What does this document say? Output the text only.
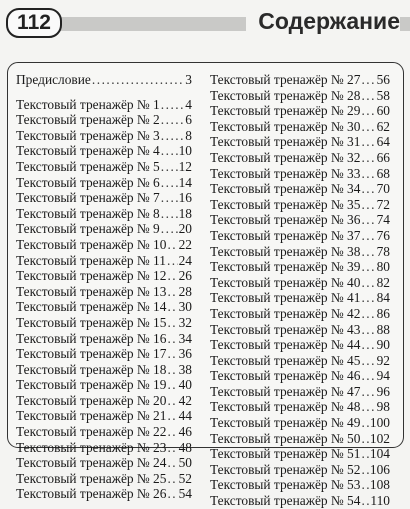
112	Содержание
Предисловие .....	3
Текстовый тренажёр № 1 ..... 4
Текстовый тренажёр № 2 ..... 6
Текстовый тренажёр № 3 ..... 8
Текстовый тренажёр № 4 ..... 10
Текстовый тренажёр № 5 ..... 12
Текстовый тренажёр № 6 ..... 14
Текстовый тренажёр № 7 ..... 16
Текстовый тренажёр № 8 ..... 18
Текстовый тренажёр № 9 ..... 20
Текстовый тренажёр № 10 ..... 22
Текстовый тренажёр № 11 ..... 24
Текстовый тренажёр № 12 ..... 26
Текстовый тренажёр № 13 ..... 28
Текстовый тренажёр № 14 ..... 30
Текстовый тренажёр № 15 ..... 32
Текстовый тренажёр № 16 ..... 34
Текстовый тренажёр № 17 ..... 36
Текстовый тренажёр № 18 ..... 38
Текстовый тренажёр № 19 ..... 40
Текстовый тренажёр № 20 ..... 42
Текстовый тренажёр № 21 ..... 44
Текстовый тренажёр № 22 ..... 46
Текстовый тренажёр № 23 ..... 48
Текстовый тренажёр № 24 ..... 50
Текстовый тренажёр № 25 ..... 52
Текстовый тренажёр № 26 ..... 54
Текстовый тренажёр № 27 ..... 56
Текстовый тренажёр № 28 ..... 58
Текстовый тренажёр № 29 ..... 60
Текстовый тренажёр № 30 ..... 62
Текстовый тренажёр № 31 ..... 64
Текстовый тренажёр № 32 ..... 66
Текстовый тренажёр № 33 ..... 68
Текстовый тренажёр № 34 ..... 70
Текстовый тренажёр № 35 ..... 72
Текстовый тренажёр № 36 ..... 74
Текстовый тренажёр № 37 ..... 76
Текстовый тренажёр № 38 ..... 78
Текстовый тренажёр № 39 ..... 80
Текстовый тренажёр № 40 ..... 82
Текстовый тренажёр № 41 ..... 84
Текстовый тренажёр № 42 ..... 86
Текстовый тренажёр № 43 ..... 88
Текстовый тренажёр № 44 ..... 90
Текстовый тренажёр № 45 ..... 92
Текстовый тренажёр № 46 ..... 94
Текстовый тренажёр № 47 ..... 96
Текстовый тренажёр № 48 ..... 98
Текстовый тренажёр № 49 ..... 100
Текстовый тренажёр № 50 ..... 102
Текстовый тренажёр № 51 ..... 104
Текстовый тренажёр № 52 ..... 106
Текстовый тренажёр № 53 ..... 108
Текстовый тренажёр № 54 ..... 110
